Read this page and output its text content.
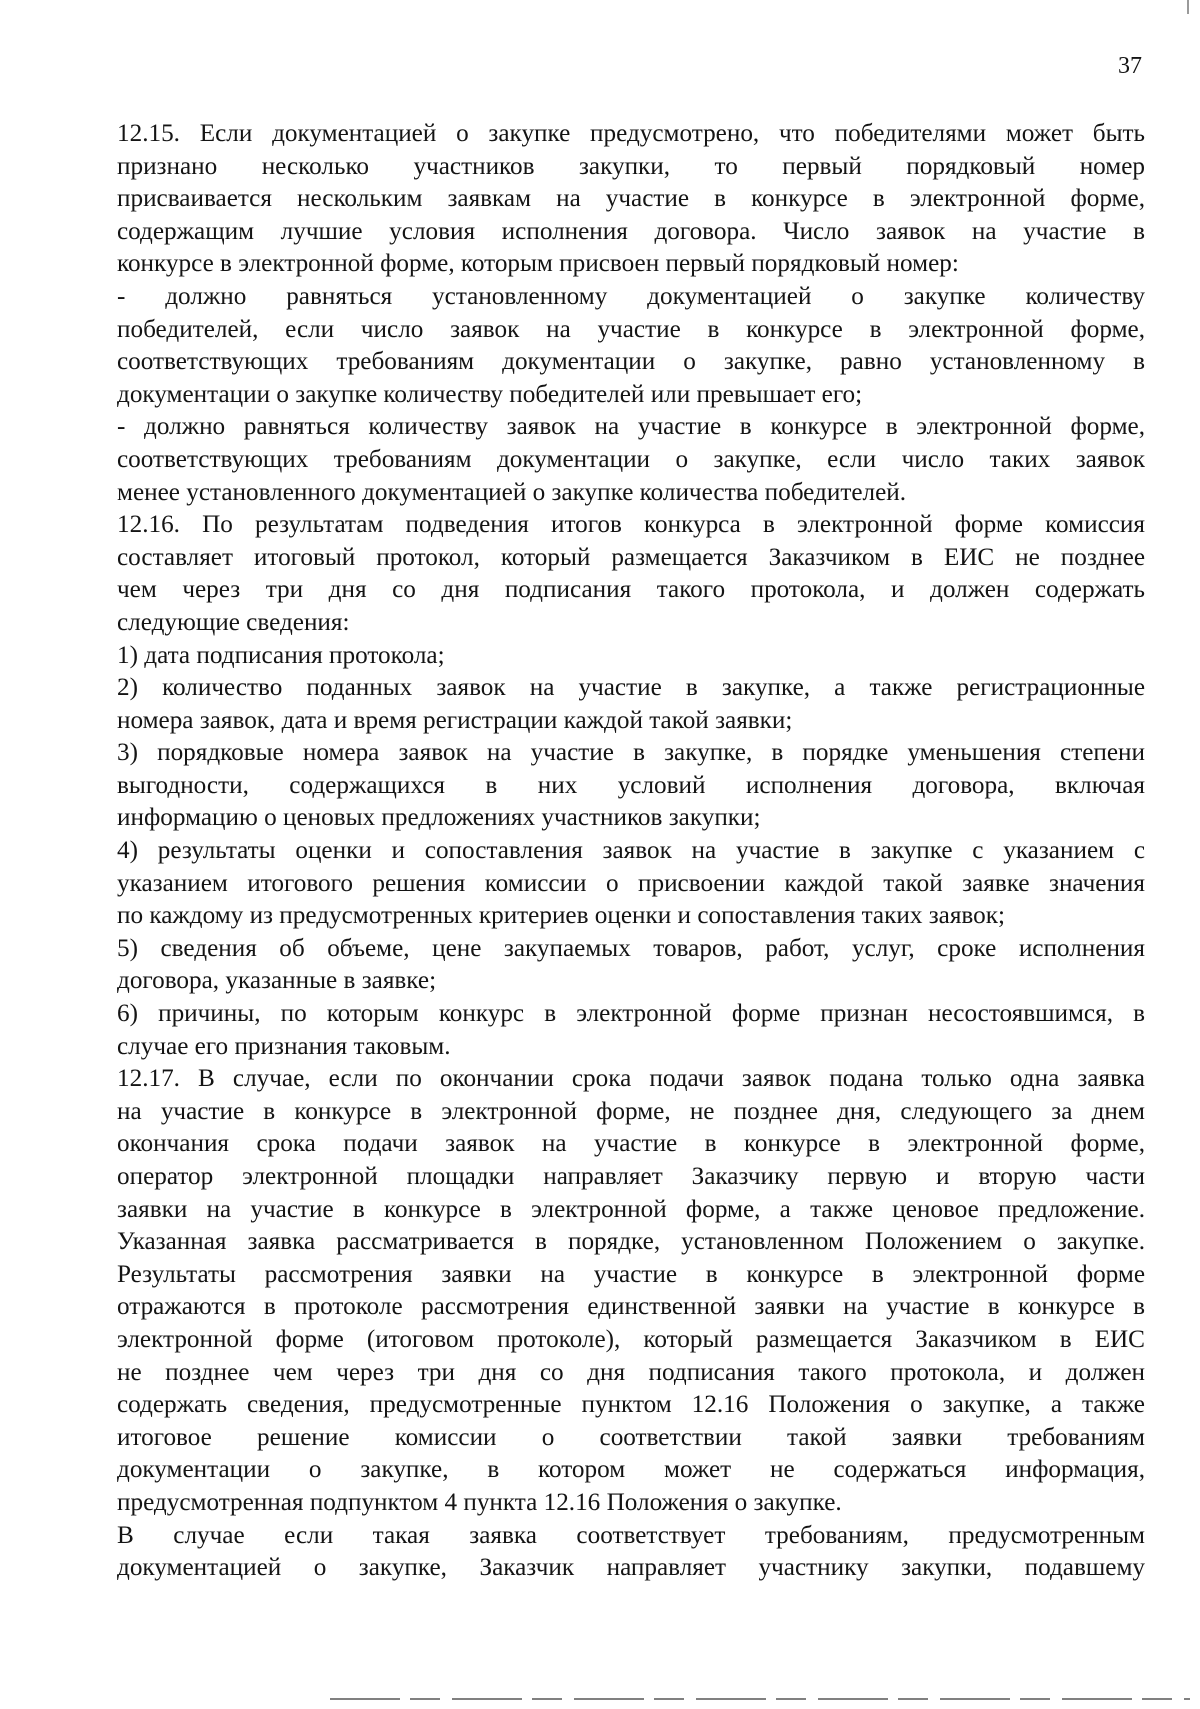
37

12.15. Если документацией о закупке предусмотрено, что победителями может быть

признано несколько участников закупки, то первый порядковый номер

присваивается нескольким заявкам на участие в конкурсе в электронной форме,

содержащим лучшие условия исполнения договора. Число заявок на участие в

конкурсе в электронной форме, которым присвоен первый порядковый номер:

- должно равняться установленному документацией о закупке количеству

победителей, если число заявок на участие в конкурсе в электронной форме,

соответствующих требованиям документации о закупке, равно установленному в

документации о закупке количеству победителей или превышает его;

- должно равняться количеству заявок на участие в конкурсе в электронной форме,

соответствующих требованиям документации о закупке, если число таких заявок

менее установленного документацией о закупке количества победителей.

12.16. По результатам подведения итогов конкурса в электронной форме комиссия

составляет итоговый протокол, который размещается Заказчиком в ЕИС не позднее

чем через три дня со дня подписания такого протокола, и должен содержать

следующие сведения:

1) дата подписания протокола;

2) количество поданных заявок на участие в закупке, а также регистрационные

номера заявок, дата и время регистрации каждой такой заявки;

3) порядковые номера заявок на участие в закупке, в порядке уменьшения степени

выгодности, содержащихся в них условий исполнения договора, включая

информацию о ценовых предложениях участников закупки;

4) результаты оценки и сопоставления заявок на участие в закупке с указанием с

указанием итогового решения комиссии о присвоении каждой такой заявке значения

по каждому из предусмотренных критериев оценки и сопоставления таких заявок;

5) сведения об объеме, цене закупаемых товаров, работ, услуг, сроке исполнения

договора, указанные в заявке;

6) причины, по которым конкурс в электронной форме признан несостоявшимся, в

случае его признания таковым.

12.17. В случае, если по окончании срока подачи заявок подана только одна заявка

на участие в конкурсе в электронной форме, не позднее дня, следующего за днем

окончания срока подачи заявок на участие в конкурсе в электронной форме,

оператор электронной площадки направляет Заказчику первую и вторую части

заявки на участие в конкурсе в электронной форме, а также ценовое предложение.

Указанная заявка рассматривается в порядке, установленном Положением о закупке.

Результаты рассмотрения заявки на участие в конкурсе в электронной форме

отражаются в протоколе рассмотрения единственной заявки на участие в конкурсе в

электронной форме (итоговом протоколе), который размещается Заказчиком в ЕИС

не позднее чем через три дня со дня подписания такого протокола, и должен

содержать сведения, предусмотренные пунктом 12.16 Положения о закупке, а также

итоговое решение комиссии о соответствии такой заявки требованиям

документации о закупке, в котором может не содержаться информация,

предусмотренная подпунктом 4 пункта 12.16 Положения о закупке.

В случае если такая заявка соответствует требованиям, предусмотренным

документацией о закупке, Заказчик направляет участнику закупки, подавшему
